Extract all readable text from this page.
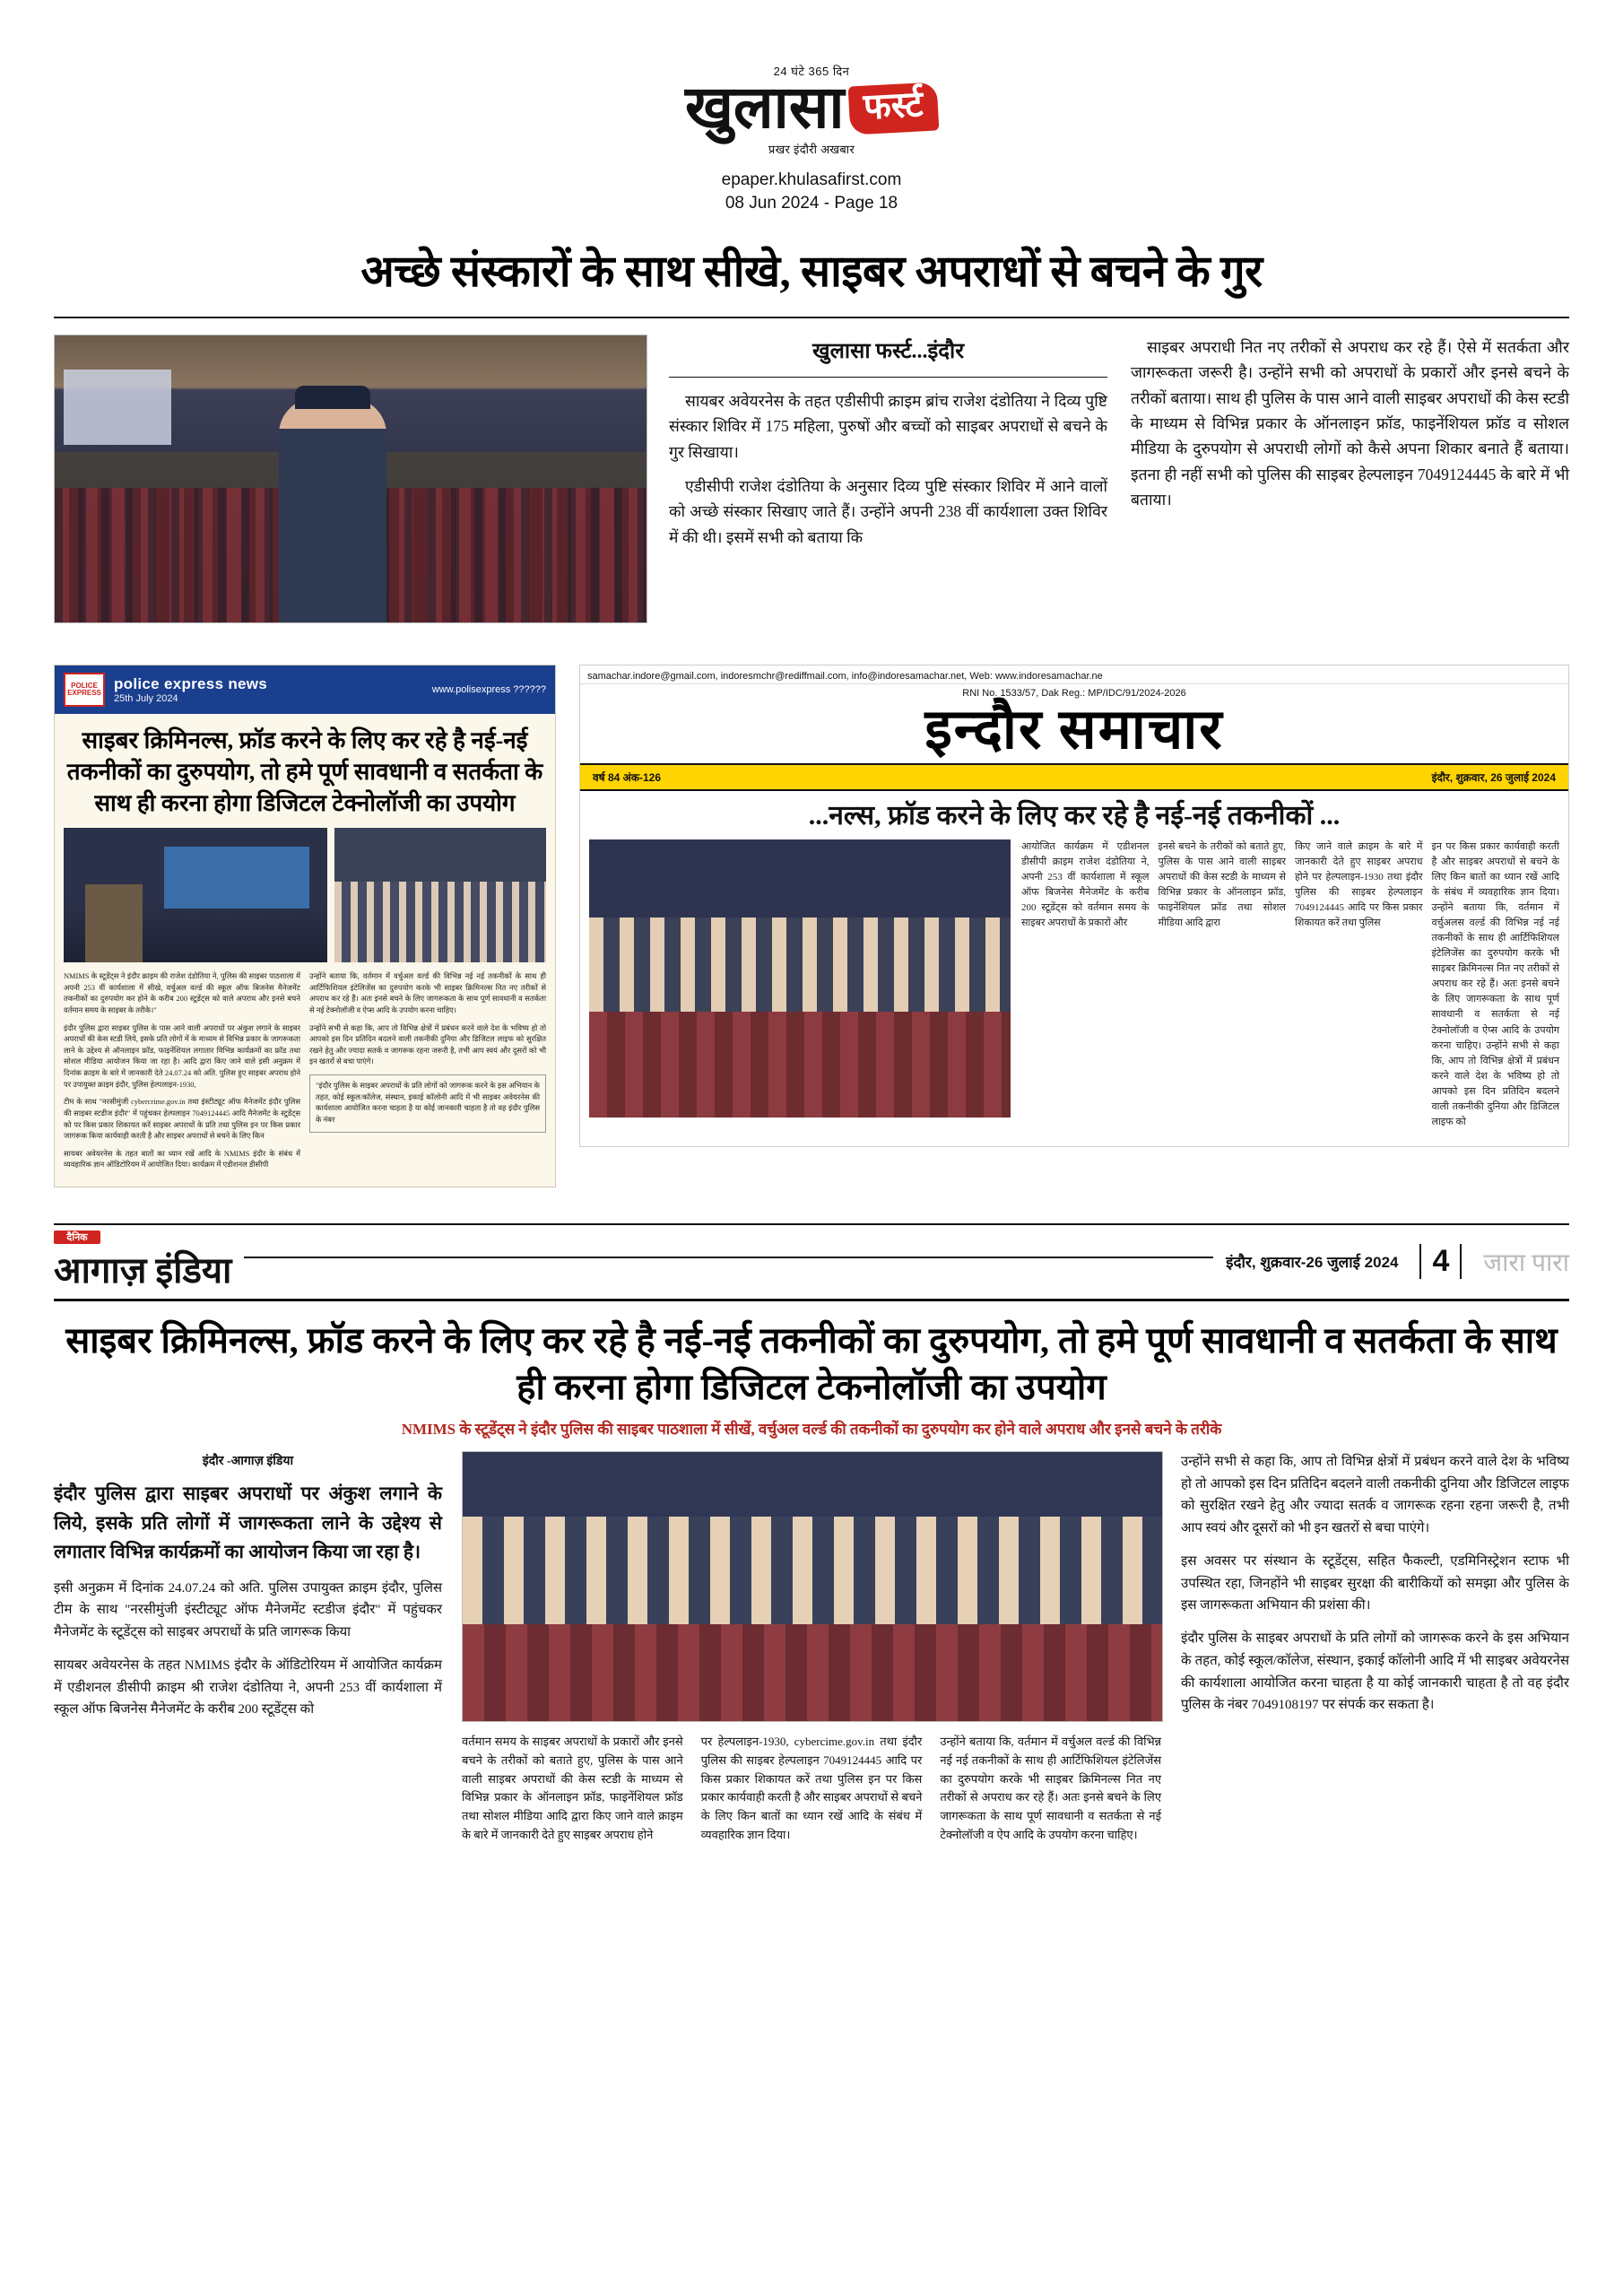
24 घंटे 365 दिन
खुलासा फर्स्ट
प्रखर इंदौरी अखबार
epaper.khulasafirst.com
08 Jun 2024 - Page 18
अच्छे संस्कारों के साथ सीखे, साइबर अपराधों से बचने के गुर
खुलासा फर्स्ट...इंदौर

सायबर अवेयरनेस के तहत एडीसीपी क्राइम ब्रांच राजेश दंडोतिया ने दिव्य पुष्टि संस्कार शिविर में 175 महिला, पुरुषों और बच्चों को साइबर अपराधों से बचने के गुर सिखाया।

एडीसीपी राजेश दंडोतिया के अनुसार दिव्य पुष्टि संस्कार शिविर में आने वालों को अच्छे संस्कार सिखाए जाते हैं। उन्होंने अपनी 238 वीं कार्यशाला उक्त शिविर में की थी। इसमें सभी को बताया कि

साइबर अपराधी नित नए तरीकों से अपराध कर रहे हैं। ऐसे में सतर्कता और जागरूकता जरूरी है। उन्होंने सभी को अपराधों के प्रकारों और इनसे बचने के तरीकों बताया। साथ ही पुलिस के पास आने वाली साइबर अपराधों की केस स्टडी के माध्यम से विभिन्न प्रकार के ऑनलाइन फ्रॉड, फाइनेंशियल फ्रॉड व सोशल मीडिया के दुरुपयोग से अपराधी लोगों को कैसे अपना शिकार बनाते हैं बताया। इतना ही नहीं सभी को पुलिस की साइबर हेल्पलाइन 7049124445 के बारे में भी बताया।

POLICE EXPRESS
police express news
25th July 2024
www.polisexpress ??????
साइबर क्रिमिनल्स, फ्रॉड करने के लिए कर रहे है नई-नई तकनीकों का दुरुपयोग, तो हमे पूर्ण सावधानी व सतर्कता के साथ ही करना होगा डिजिटल टेक्नोलॉजी का उपयोग

NMIMS के स्टूडेंट्स ने इंदौर क्राइम की राजेश दंडोतिया ने, पुलिस की साइबर पाठशाला में अपनी 253 वीं कार्यशाला में सीखे, वर्चुअल वर्ल्ड की स्कूल ऑफ बिजनेस मैनेजमेंट तकनीकों का दुरुपयोग कर होने के करीब 200 स्टूडेंट्स को वाले अपराध और इनसे बचने वर्तमान समय के साइबर के तरीके।"

इंदौर पुलिस द्वारा साइबर पुलिस के पास आने वाली अपराधों पर अंकुश लगाने के साइबर अपराधों की केस स्टडी लिये, इसके प्रति लोगों में के माध्यम से विभिन्न प्रकार के जागरूकता लाने के उद्देश्य से ऑनलाइन फ्रॉड, फाइनेंशियल लगातार विभिन्न कार्यक्रमों का फ्रॉड तथा सोशल मीडिया आयोजन किया जा रहा है। आदि द्वारा किए जाने वाले इसी अनुक्रम में दिनांक क्राइम के बारे में जानकारी देते 24.07.24 को अति. पुलिस हुए साइबर अपराध होने पर उपायुक्त क्राइम इंदौर, पुलिस हेल्पलाइन-1930,

टीम के साथ "नरसीमुंजी cybercrime.gov.in तथा इंस्टीट्यूट ऑफ मैनेजमेंट इंदौर पुलिस की साइबर स्टडीज इंदौर" में पहुंचकर हेल्पलाइन 7049124445 आदि मैनेजमेंट के स्टूडेंट्स को पर किस प्रकार शिकायत करें साइबर अपराधों के प्रति तथा पुलिस इन पर किस प्रकार जागरूक किया कार्यवाही करती है और साइबर अपराधों से बचने के लिए किन

सायबर अवेयरनेस के तहत बातों का ध्यान रखें आदि के NMIMS इंदौर के संबंध में व्यवहारिक ज्ञान ऑडिटोरियम में आयोजित दिया। कार्यक्रम में एडीशनल डीसीपी

उन्होंने बताया कि, वर्तमान में वर्चुअल वर्ल्ड की विभिन्न नई नई तकनीकों के साथ ही आर्टिफिशियल इंटेलिजेंस का दुरुपयोग करके भी साइबर क्रिमिनल्स नित नए तरीकों से अपराध कर रहे हैं। अतः इनसे बचने के लिए जागरूकता के साथ पूर्ण सावधानी व सतर्कता से नई टेक्नोलॉजी व ऐप्स आदि के उपयोग करना चाहिए।

उन्होंने सभी से कहा कि, आप तो विभिन्न क्षेत्रों में प्रबंधन करने वाले देश के भविष्य हो तो आपको इस दिन प्रतिदिन बदलने वाली तकनीकी दुनिया और डिजिटल लाइफ को सुरक्षित रखने हेतु और ज्यादा सतर्क व जागरूक रहना जरूरी है, तभी आप स्वयं और दूसरों को भी इन खतरों से बचा पाएंगे।

"इंदौर पुलिस के साइबर अपराधों के प्रति लोगों को जागरूक करने के इस अभियान के तहत, कोई स्कूल/कॉलेज, संस्थान, इकाई कॉलोनी आदि में भी साइबर अवेयरनेस की कार्यशाला आयोजित करना चाहता है या कोई जानकारी चाहता है तो वह इंदौर पुलिस के नंबर
samachar.indore@gmail.com, indoresmchr@rediffmail.com, info@indoresamachar.net, Web: www.indoresamachar.ne
RNI No. 1533/57, Dak Reg.: MP/IDC/91/2024-2026
इन्दौर समाचार
वर्ष 84 अंक-126	इंदौर, शुक्रवार, 26 जुलाई 2024
...नल्स, फ्रॉड करने के लिए कर रहे है नई-नई तकनीकों ...

आयोजित कार्यक्रम में एडीशनल डीसीपी क्राइम राजेश दंडोतिया ने, अपनी 253 वीं कार्यशाला में स्कूल ऑफ बिजनेस मैनेजमेंट के करीब 200 स्टूडेंट्स को वर्तमान समय के साइबर अपराधों के प्रकारों और

इनसे बचने के तरीकों को बताते हुए, पुलिस के पास आने वाली साइबर अपराधों की केस स्टडी के माध्यम से विभिन्न प्रकार के ऑनलाइन फ्रॉड, फाइनेंशियल फ्रॉड तथा सोशल मीडिया आदि द्वारा

किए जाने वाले क्राइम के बारे में जानकारी देते हुए साइबर अपराध होने पर हेल्पलाइन-1930 तथा इंदौर पुलिस की साइबर हेल्पलाइन 7049124445 आदि पर किस प्रकार शिकायत करें तथा पुलिस

इन पर किस प्रकार कार्यवाही करती है और साइबर अपराधों से बचने के लिए किन बातों का ध्यान रखें आदि के संबंध में व्यवहारिक ज्ञान दिया। उन्होंने बताया कि, वर्तमान में वर्चुअलस वर्ल्ड की विभिन्न नई नई तकनीकों के साथ ही आर्टिफिशियल इंटेलिजेंस का दुरुपयोग करके भी साइबर क्रिमिनल्स नित नए तरीकों से अपराध कर रहे हैं। अतः इनसे बचने के लिए जागरूकता के साथ पूर्ण सावधानी व सतर्कता से नई टेक्नोलॉजी व ऐप्स आदि के उपयोग करना चाहिए। उन्होंने सभी से कहा कि, आप तो विभिन्न क्षेत्रों में प्रबंधन करने वाले देश के भविष्य हो तो आपको इस दिन प्रतिदिन बदलने वाली तकनीकी दुनिया और डिजिटल लाइफ को

दैनिक
आगाज़ इंडिया	इंदौर, शुक्रवार-26 जुलाई 2024	4	जारा पारा
साइबर क्रिमिनल्स, फ्रॉड करने के लिए कर रहे है नई-नई तकनीकों का दुरुपयोग, तो हमे पूर्ण सावधानी व सतर्कता के साथ ही करना होगा डिजिटल टेकनोलॉजी का उपयोग
NMIMS के स्टूडेंट्स ने इंदौर पुलिस की साइबर पाठशाला में सीखें, वर्चुअल वर्ल्ड की तकनीकों का दुरुपयोग कर होने वाले अपराध और इनसे बचने के तरीके
इंदौर -आगाज़ इंडिया
इंदौर पुलिस द्वारा साइबर अपराधों पर अंकुश लगाने के लिये, इसके प्रति लोगों में जागरूकता लाने के उद्देश्य से लगातार विभिन्न कार्यक्रमों का आयोजन किया जा रहा है।

इसी अनुक्रम में दिनांक 24.07.24 को अति. पुलिस उपायुक्त क्राइम इंदौर, पुलिस टीम के साथ "नरसीमुंजी इंस्टीट्यूट ऑफ मैनेजमेंट स्टडीज इंदौर" में पहुंचकर मैनेजमेंट के स्टूडेंट्स को साइबर अपराधों के प्रति जागरूक किया

सायबर अवेयरनेस के तहत NMIMS इंदौर के ऑडिटोरियम में आयोजित कार्यक्रम में एडीशनल डीसीपी क्राइम श्री राजेश दंडोतिया ने, अपनी 253 वीं कार्यशाला में स्कूल ऑफ बिजनेस मैनेजमेंट के करीब 200 स्टूडेंट्स को

वर्तमान समय के साइबर अपराधों के प्रकारों और इनसे बचने के तरीकों को बताते हुए, पुलिस के पास आने वाली साइबर अपराधों की केस स्टडी के माध्यम से विभिन्न प्रकार के ऑनलाइन फ्रॉड, फाइनेंशियल फ्रॉड तथा सोशल मीडिया आदि द्वारा किए जाने वाले क्राइम के बारे में जानकारी देते हुए साइबर अपराध होने

पर हेल्पलाइन-1930, cybercime.gov.in तथा इंदौर पुलिस की साइबर हेल्पलाइन 7049124445 आदि पर किस प्रकार शिकायत करें तथा पुलिस इन पर किस प्रकार कार्यवाही करती है और साइबर अपराधों से बचने के लिए किन बातों का ध्यान रखें आदि के संबंध में व्यवहारिक ज्ञान दिया।

उन्होंने बताया कि, वर्तमान में वर्चुअल वर्ल्ड की विभिन्न नई नई तकनीकों के साथ ही आर्टिफिशियल इंटेलिजेंस का दुरुपयोग करके भी साइबर क्रिमिनल्स नित नए तरीकों से अपराध कर रहे हैं। अतः इनसे बचने के लिए जागरूकता के साथ पूर्ण सावधानी व सतर्कता से नई टेक्नोलॉजी व ऐप आदि के उपयोग करना चाहिए।

उन्होंने सभी से कहा कि, आप तो विभिन्न क्षेत्रों में प्रबंधन करने वाले देश के भविष्य हो तो आपको इस दिन प्रतिदिन बदलने वाली तकनीकी दुनिया और डिजिटल लाइफ को सुरक्षित रखने हेतु और ज्यादा सतर्क व जागरूक रहना रहना जरूरी है, तभी आप स्वयं और दूसरों को भी इन खतरों से बचा पाएंगे।

इस अवसर पर संस्थान के स्टूडेंट्स, सहित फैकल्टी, एडमिनिस्ट्रेशन स्टाफ भी उपस्थित रहा, जिनहोंने भी साइबर सुरक्षा की बारीकियों को समझा और पुलिस के इस जागरूकता अभियान की प्रशंसा की।

इंदौर पुलिस के साइबर अपराधों के प्रति लोगों को जागरूक करने के इस अभियान के तहत, कोई स्कूल/कॉलेज, संस्थान, इकाई कॉलोनी आदि में भी साइबर अवेयरनेस की कार्यशाला आयोजित करना चाहता है या कोई जानकारी चाहता है तो वह इंदौर पुलिस के नंबर 7049108197 पर संपर्क कर सकता है।
